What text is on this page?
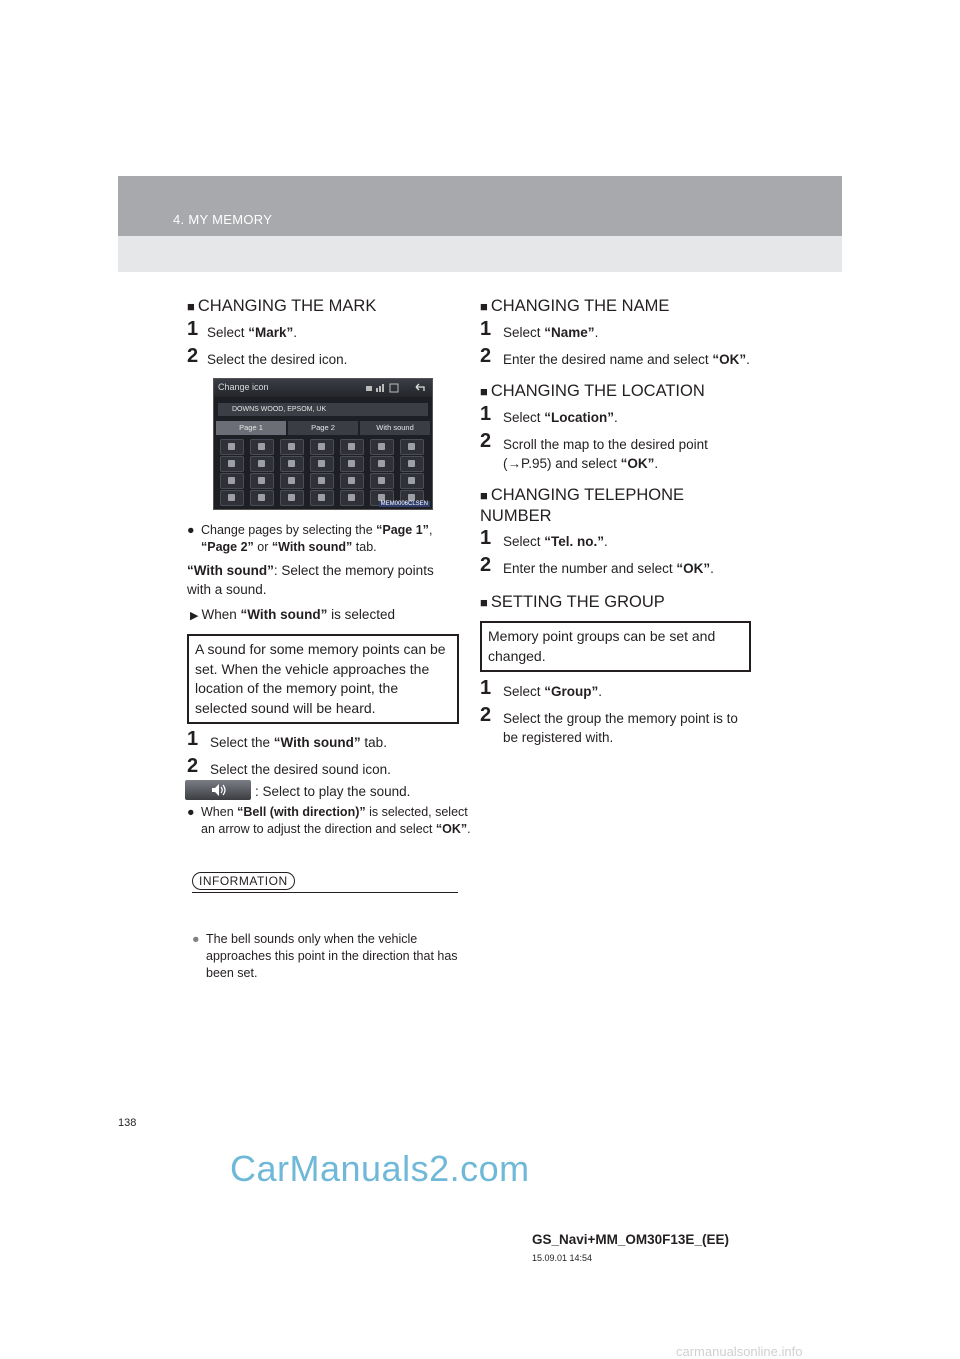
4. MY MEMORY

■ CHANGING THE MARK

1 Select “Mark”.
2 Select the desired icon.
Change icon
DOWNS WOOD, EPSOM, UK
Page 1	Page 2	With sound
MEM0006CLSEN
● Change pages by selecting the “Page 1”, “Page 2” or “With sound” tab.
“With sound”: Select the memory points with a sound.
▶ When “With sound” is selected
A sound for some memory points can be set. When the vehicle approaches the location of the memory point, the selected sound will be heard.
1 Select the “With sound” tab.
2 Select the desired sound icon.
: Select to play the sound.
● When “Bell (with direction)” is selected, select an arrow to adjust the direction and select “OK”.
INFORMATION
● The bell sounds only when the vehicle approaches this point in the direction that has been set.

■ CHANGING THE NAME

1 Select “Name”.
2 Enter the desired name and select “OK”.

■ CHANGING THE LOCATION

1 Select “Location”.
2 Scroll the map to the desired point (→P.95) and select “OK”.

■ CHANGING TELEPHONE NUMBER

1 Select “Tel. no.”.
2 Enter the number and select “OK”.

■ SETTING THE GROUP

Memory point groups can be set and changed.
1 Select “Group”.
2 Select the group the memory point is to be registered with.
138
CarManuals2.com
GS_Navi+MM_OM30F13E_(EE)
15.09.01 14:54
carmanualsonline.info
